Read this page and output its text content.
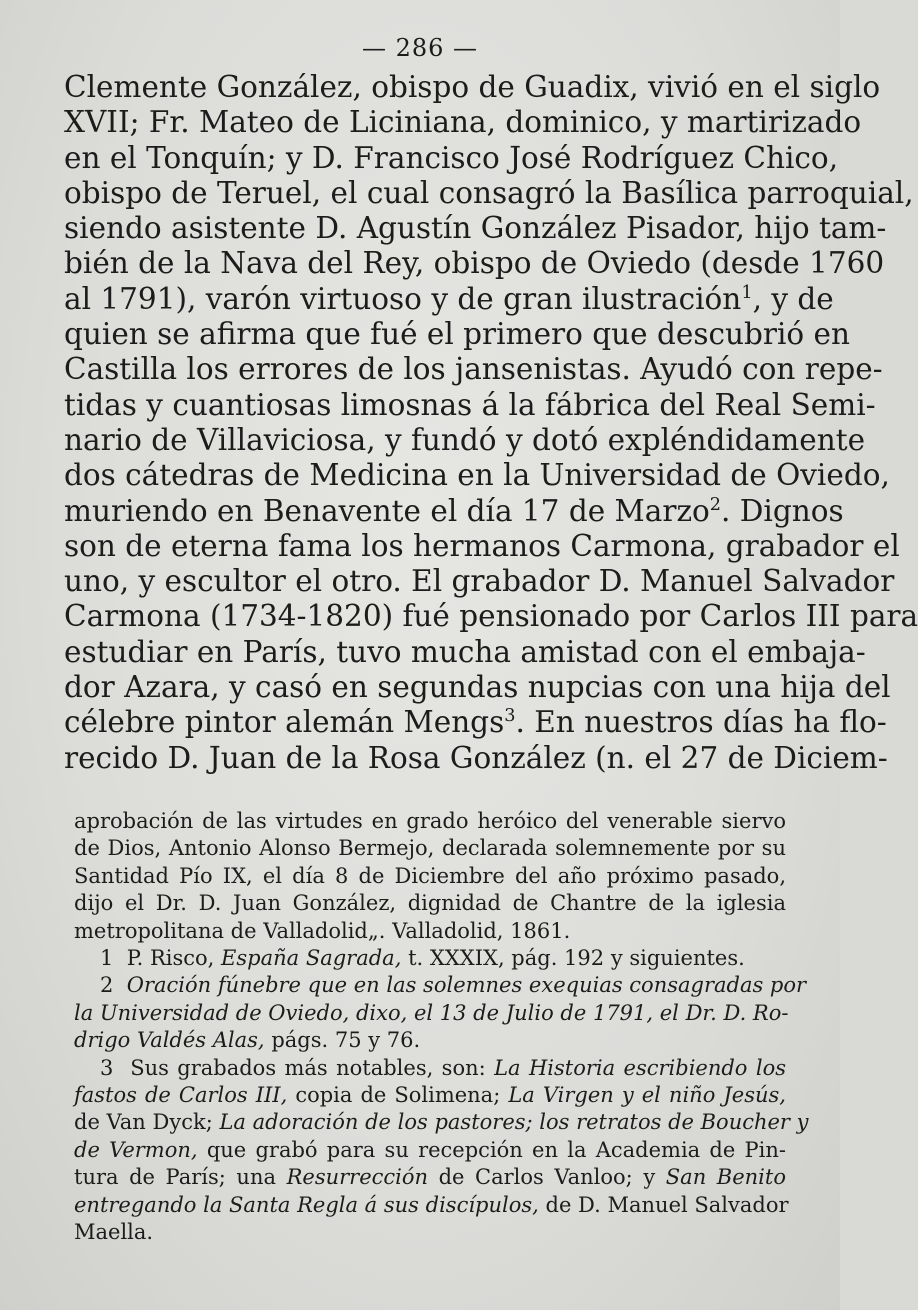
— 286 —
Clemente González, obispo de Guadix, vivió en el siglo
XVII; Fr. Mateo de Liciniana, dominico, y martirizado
en el Tonquín; y D. Francisco José Rodríguez Chico,
obispo de Teruel, el cual consagró la Basílica parroquial,
siendo asistente D. Agustín González Pisador, hijo tam-
bién de la Nava del Rey, obispo de Oviedo (desde 1760
al 1791), varón virtuoso y de gran ilustración$^1$, y de
quien se afirma que fué el primero que descubrió en
Castilla los errores de los jansenistas. Ayudó con repe-
tidas y cuantiosas limosnas á la fábrica del Real Semi-
nario de Villaviciosa, y fundó y dotó expléndidamente
dos cátedras de Medicina en la Universidad de Oviedo,
muriendo en Benavente el día 17 de Marzo$^2$. Dignos
son de eterna fama los hermanos Carmona, grabador el
uno, y escultor el otro. El grabador D. Manuel Salvador
Carmona (1734-1820) fué pensionado por Carlos III para
estudiar en París, tuvo mucha amistad con el embaja-
dor Azara, y casó en segundas nupcias con una hija del
célebre pintor alemán Mengs$^3$. En nuestros días ha flo-
recido D. Juan de la Rosa González (n. el 27 de Diciem-
aprobación de las virtudes en grado heróico del venerable siervo
de Dios, Antonio Alonso Bermejo, declarada solemnemente por su
Santidad Pío IX, el día 8 de Diciembre del año próximo pasado,
dijo el Dr. D. Juan González, dignidad de Chantre de la iglesia
metropolitana de Valladolid„. Valladolid, 1861.
1 P. Risco, España Sagrada, t. XXXIX, pág. 192 y siguientes.
2 Oración fúnebre que en las solemnes exequias consagradas por
la Universidad de Oviedo, dixo, el 13 de Julio de 1791, el Dr. D. Ro-
drigo Valdés Alas, págs. 75 y 76.
3 Sus grabados más notables, son: La Historia escribiendo los
fastos de Carlos III, copia de Solimena; La Virgen y el niño Jesús,
de Van Dyck; La adoración de los pastores; los retratos de Boucher y
de Vermon, que grabó para su recepción en la Academia de Pin-
tura de París; una Resurrección de Carlos Vanloo; y San Benito
entregando la Santa Regla á sus discípulos, de D. Manuel Salvador
Maella.
